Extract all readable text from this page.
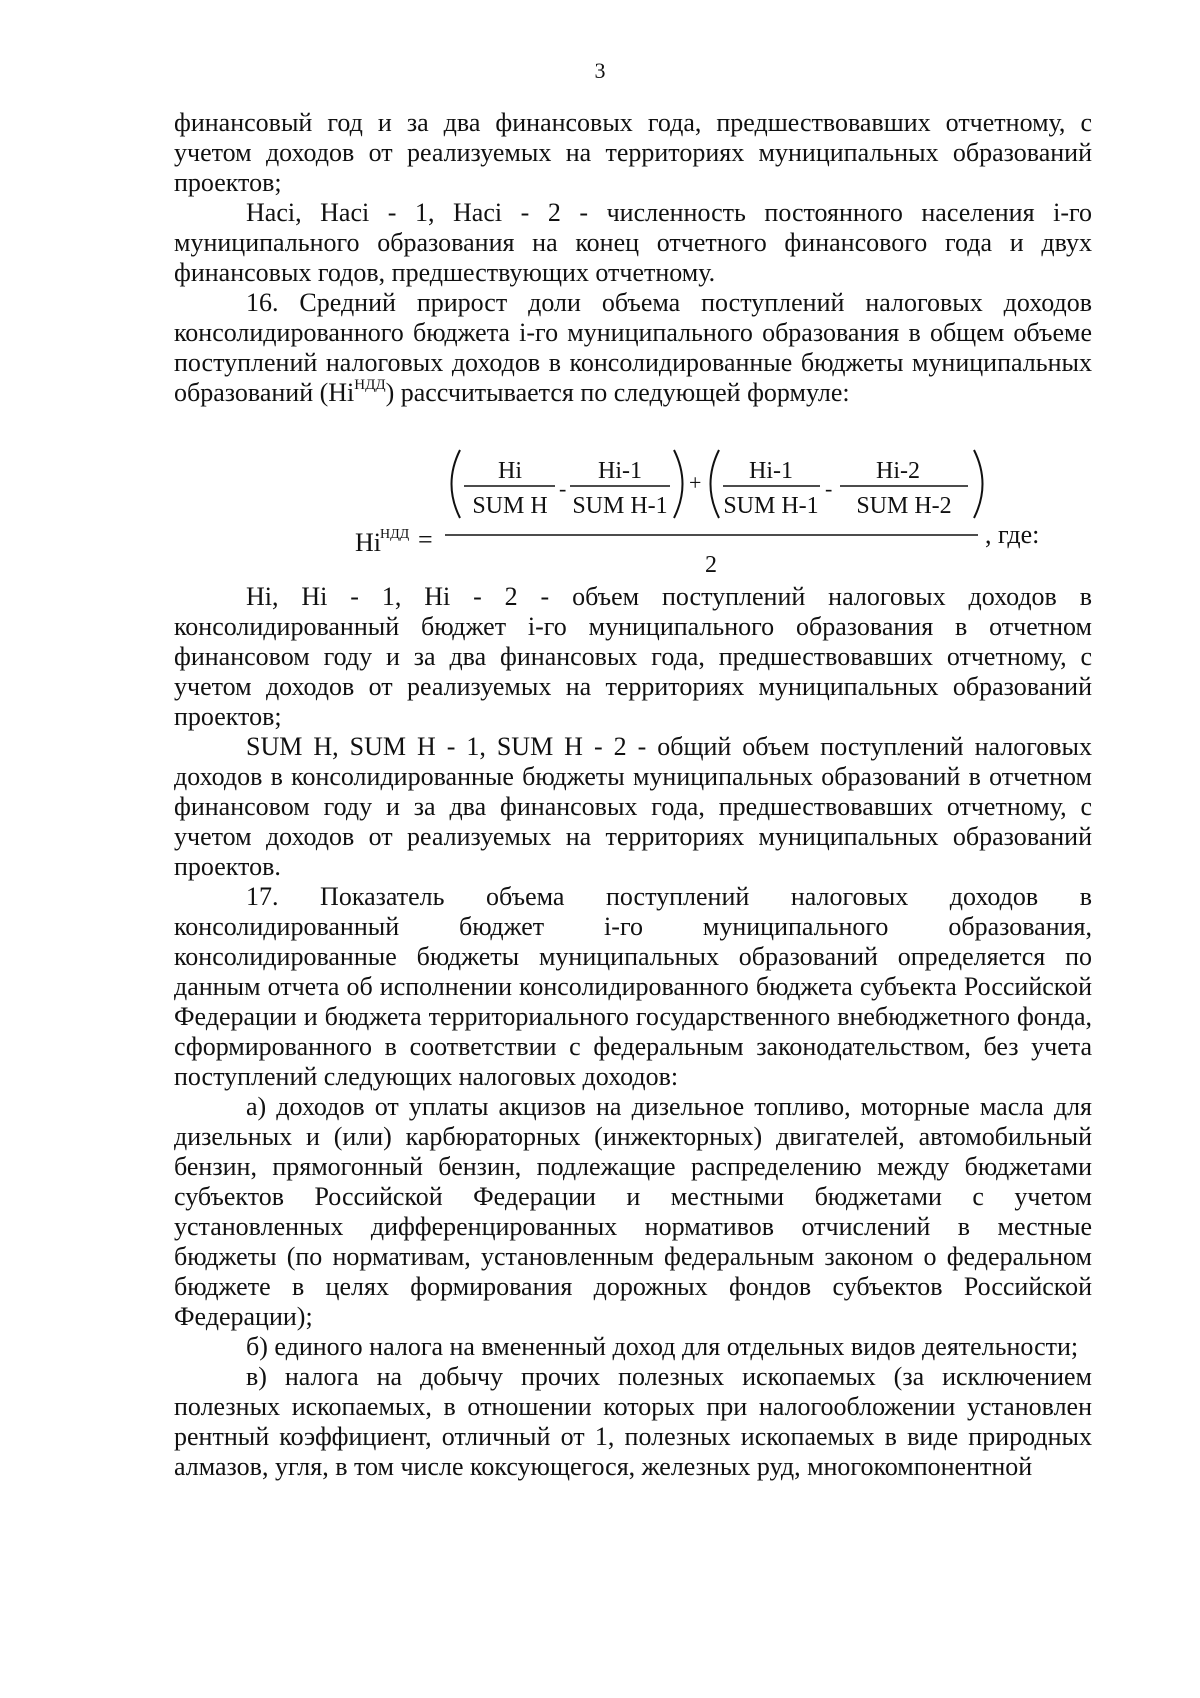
3

финансовый год и за два финансовых года, предшествовавших отчетному, с учетом доходов от реализуемых на территориях муниципальных образований проектов;

Насi, Насi - 1, Насi - 2 - численность постоянного населения i-го муниципального образования на конец отчетного финансового года и двух финансовых годов, предшествующих отчетному.

16. Средний прирост доли объема поступлений налоговых доходов консолидированного бюджета i-го муниципального образования в общем объеме поступлений налоговых доходов в консолидированные бюджеты муниципальных образований $(Hi^{НДД})$ рассчитывается по следующей формуле:

Hi НДД =
Hi
SUM H
-
Hi-1
SUM H-1
+ Hi-1
SUM H-1
-
Hi-2
SUM H-2
2
, где:

Hi, Hi - 1, Hi - 2 - объем поступлений налоговых доходов в консолидированный бюджет i-го муниципального образования в отчетном финансовом году и за два финансовых года, предшествовавших отчетному, с учетом доходов от реализуемых на территориях муниципальных образований проектов;

SUM H, SUM H - 1, SUM H - 2 - общий объем поступлений налоговых доходов в консолидированные бюджеты муниципальных образований в отчетном финансовом году и за два финансовых года, предшествовавших отчетному, с учетом доходов от реализуемых на территориях муниципальных образований проектов.

17. Показатель объема поступлений налоговых доходов в консолидированный бюджет i-го муниципального образования, консолидированные бюджеты муниципальных образований определяется по данным отчета об исполнении консолидированного бюджета субъекта Российской Федерации и бюджета территориального государственного внебюджетного фонда, сформированного в соответствии с федеральным законодательством, без учета поступлений следующих налоговых доходов:

а) доходов от уплаты акцизов на дизельное топливо, моторные масла для дизельных и (или) карбюраторных (инжекторных) двигателей, автомобильный бензин, прямогонный бензин, подлежащие распределению между бюджетами субъектов Российской Федерации и местными бюджетами с учетом установленных дифференцированных нормативов отчислений в местные бюджеты (по нормативам, установленным федеральным законом о федеральном бюджете в целях формирования дорожных фондов субъектов Российской Федерации);

б) единого налога на вмененный доход для отдельных видов деятельности;

в) налога на добычу прочих полезных ископаемых (за исключением полезных ископаемых, в отношении которых при налогообложении установлен рентный коэффициент, отличный от 1, полезных ископаемых в виде природных алмазов, угля, в том числе коксующегося, железных руд, многокомпонентной
